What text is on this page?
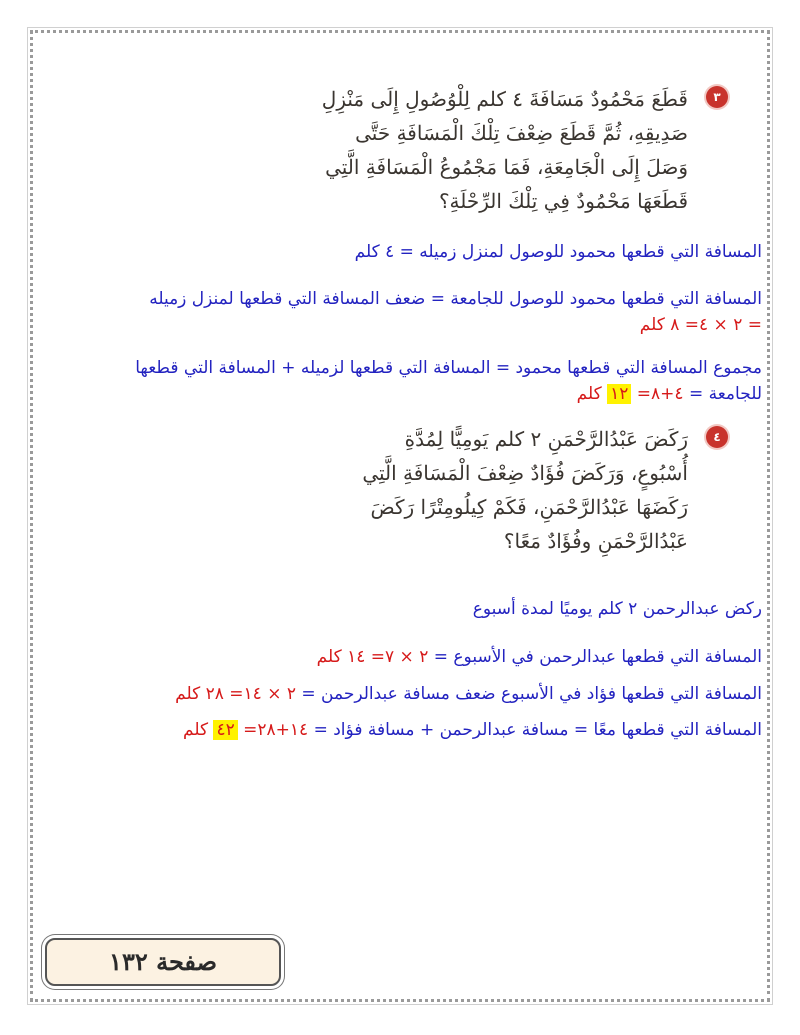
٣

قَطَعَ مَحْمُودٌ مَسَافَةَ ٤ كلم لِلْوُصُولِ إِلَى مَنْزِلِ

صَدِيقِهِ، ثُمَّ قَطَعَ ضِعْفَ تِلْكَ الْمَسَافَةِ حَتَّى

وَصَلَ إِلَى الْجَامِعَةِ، فَمَا مَجْمُوعُ الْمَسَافَةِ الَّتِي

قَطَعَهَا مَحْمُودٌ فِي تِلْكَ الرِّحْلَةِ؟

المسافة التي قطعها محمود للوصول لمنزل زميله = ٤ كلم
المسافة التي قطعها محمود للوصول للجامعة = ضعف المسافة التي قطعها لمنزل زميله
= ٢ × ٤= ٨ كلم
مجموع المسافة التي قطعها محمود = المسافة التي قطعها لزميله + المسافة التي قطعها
للجامعة = ٤+٨= ١٢ كلم
٤

رَكَضَ عَبْدُالرَّحْمَنِ ٢ كلم يَومِيًّا لِمُدَّةِ

أُسْبُوعٍ، وَرَكَضَ فُؤَادٌ ضِعْفَ الْمَسَافَةِ الَّتِي

رَكَضَهَا عَبْدُالرَّحْمَنِ، فَكَمْ كِيلُومِتْرًا رَكَضَ

عَبْدُالرَّحْمَنِ وفُؤَادٌ مَعًا؟

ركض عبدالرحمن ٢ كلم يوميًا لمدة أسبوع
المسافة التي قطعها عبدالرحمن في الأسبوع = ٢ × ٧= ١٤ كلم
المسافة التي قطعها فؤاد في الأسبوع ضعف مسافة عبدالرحمن = ٢ × ١٤= ٢٨ كلم
المسافة التي قطعها معًا = مسافة عبدالرحمن + مسافة فؤاد = ١٤+٢٨= ٤٢ كلم
صفحة ١٣٢
